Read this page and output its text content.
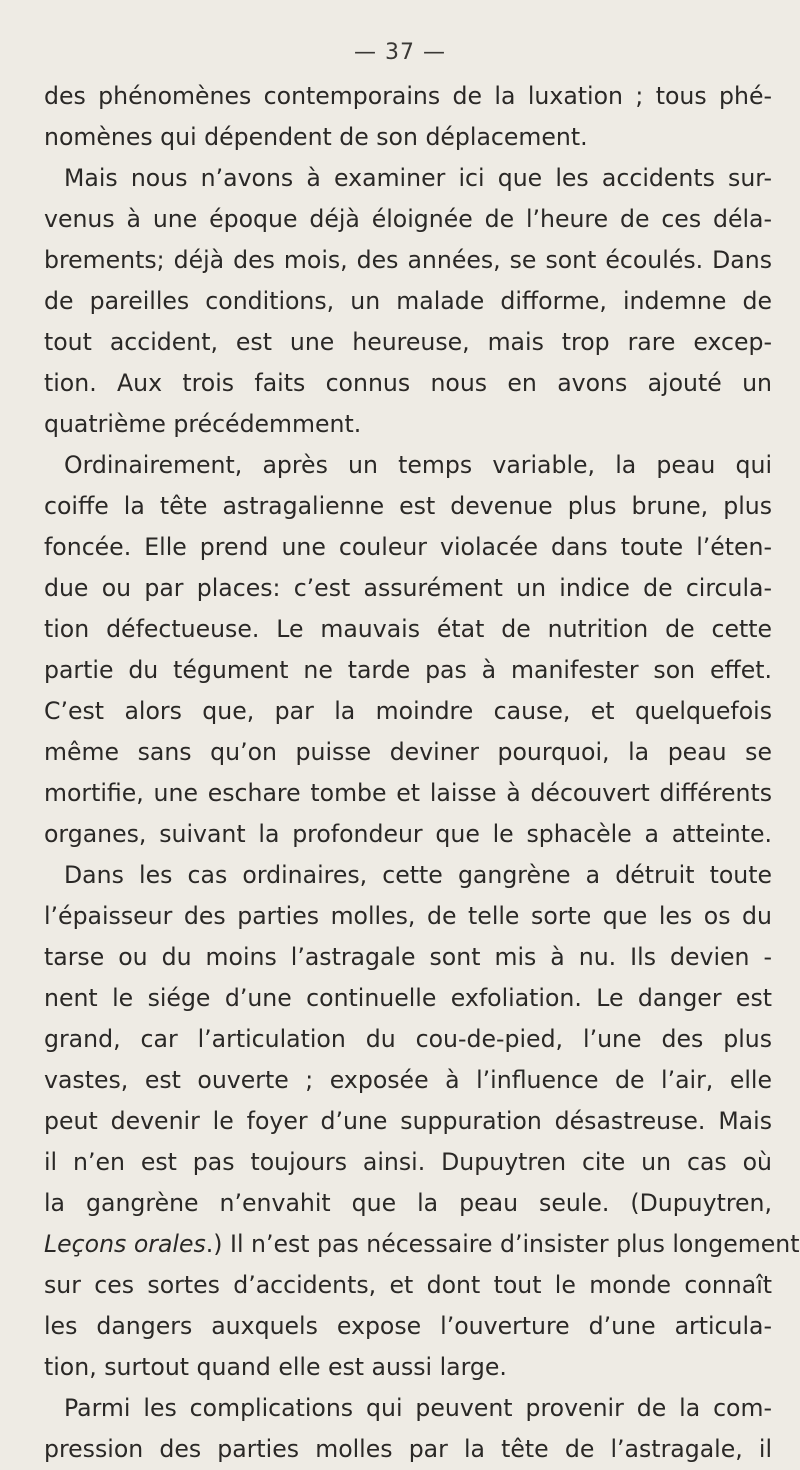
— 37 —
des phénomènes contemporains de la luxation ; tous phé-
nomènes qui dépendent de son déplacement.
Mais nous n’avons à examiner ici que les accidents sur-
venus à une époque déjà éloignée de l’heure de ces déla-
brements; déjà des mois, des années, se sont écoulés. Dans
de pareilles conditions, un malade difforme, indemne de
tout accident, est une heureuse, mais trop rare excep-
tion. Aux trois faits connus nous en avons ajouté un
quatrième précédemment.
Ordinairement, après un temps variable, la peau qui
coiffe la tête astragalienne est devenue plus brune, plus
foncée. Elle prend une couleur violacée dans toute l’éten-
due ou par places: c’est assurément un indice de circula-
tion défectueuse. Le mauvais état de nutrition de cette
partie du tégument ne tarde pas à manifester son effet.
C’est alors que, par la moindre cause, et quelquefois
même sans qu’on puisse deviner pourquoi, la peau se
mortifie, une eschare tombe et laisse à découvert différents
organes, suivant la profondeur que le sphacèle a atteinte.
Dans les cas ordinaires, cette gangrène a détruit toute
l’épaisseur des parties molles, de telle sorte que les os du
tarse ou du moins l’astragale sont mis à nu. Ils devien -
nent le siége d’une continuelle exfoliation. Le danger est
grand, car l’articulation du cou-de-pied, l’une des plus
vastes, est ouverte ; exposée à l’influence de l’air, elle
peut devenir le foyer d’une suppuration désastreuse. Mais
il n’en est pas toujours ainsi. Dupuytren cite un cas où
la gangrène n’envahit que la peau seule. (Dupuytren,
Leçons orales.) Il n’est pas nécessaire d’insister plus longement
sur ces sortes d’accidents, et dont tout le monde connaît
les dangers auxquels expose l’ouverture d’une articula-
tion, surtout quand elle est aussi large.
Parmi les complications qui peuvent provenir de la com-
pression des parties molles par la tête de l’astragale, il
